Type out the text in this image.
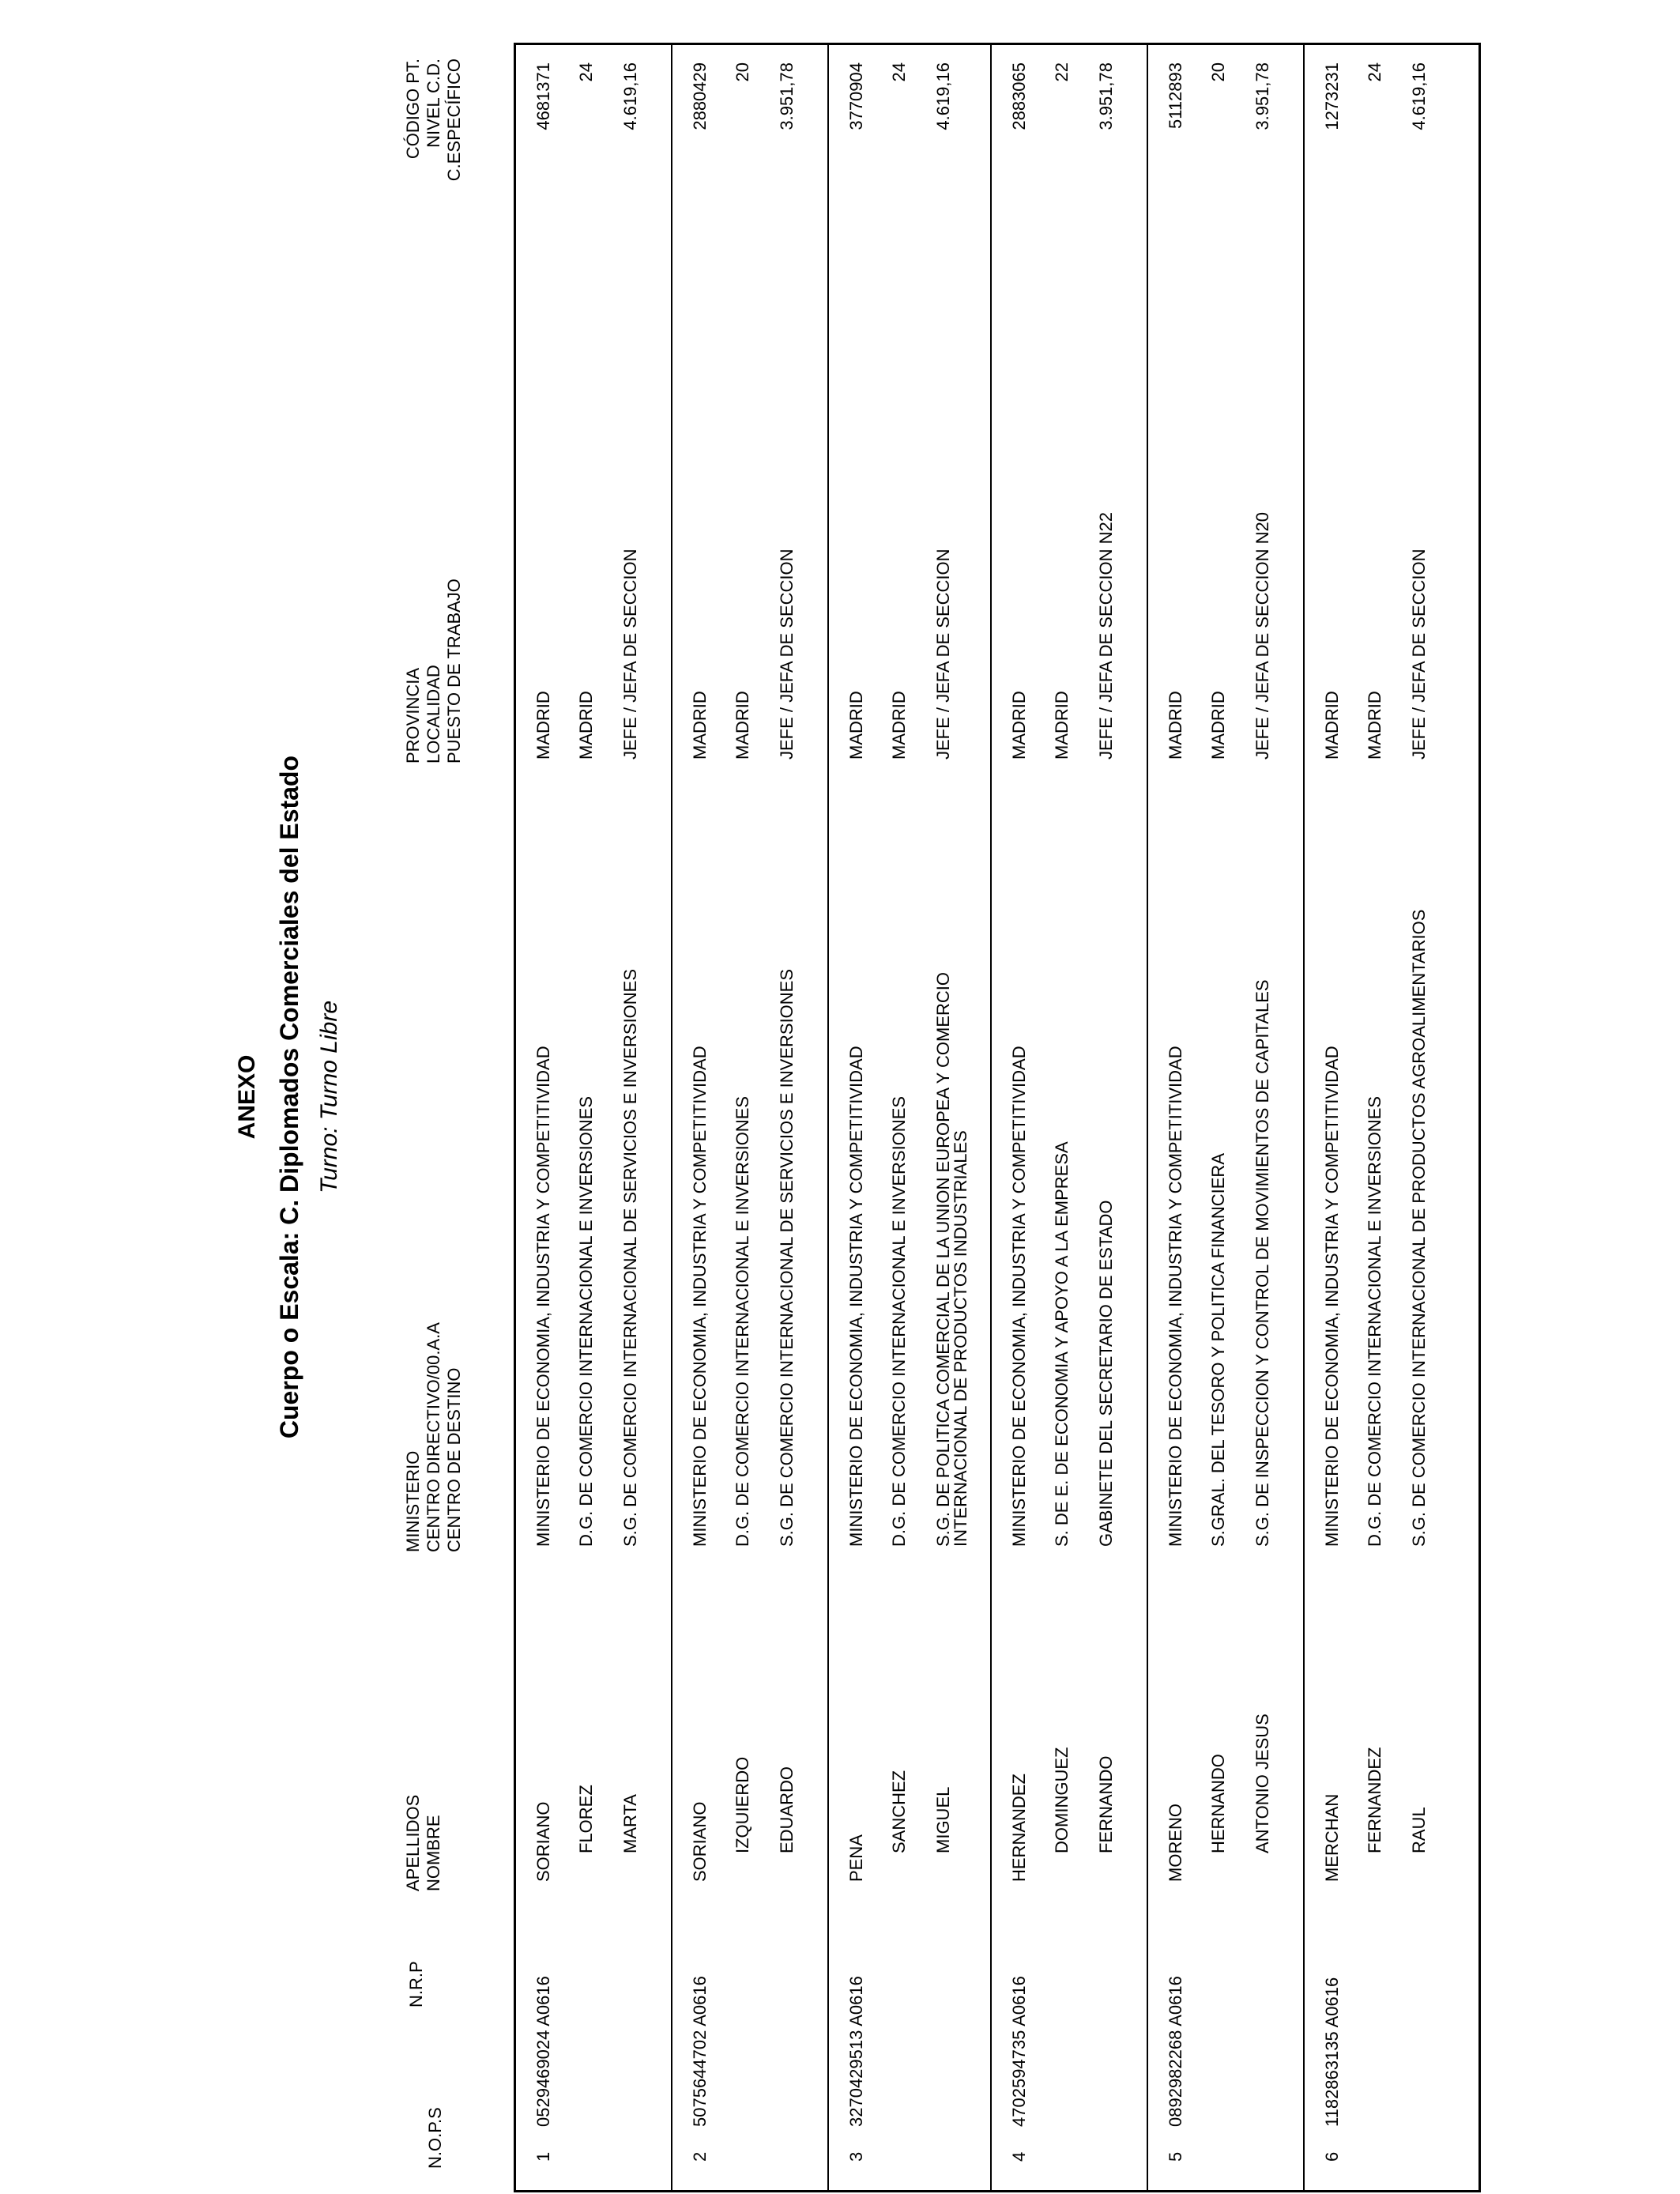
ANEXO Cuerpo o Escala: C. Diplomados Comerciales del Estado Turno: Turno Libre
N.O.P.S
N.R.P
APELLIDOS NOMBRE
MINISTERIO CENTRO DIRECTIVO/00.A.A CENTRO DE DESTINO
PROVINCIA LOCALIDAD PUESTO DE TRABAJO
CÓDIGO PT. NIVEL C.D. C.ESPECÍFICO
1
0529469024 A0616
SORIANO FLOREZ MARTA
MINISTERIO DE ECONOMIA, INDUSTRIA Y COMPETITIVIDAD D.G. DE COMERCIO INTERNACIONAL E INVERSIONES S.G. DE COMERCIO INTERNACIONAL DE SERVICIOS E INVERSIONES
MADRID MADRID JEFE / JEFA DE SECCION
4681371 24 4.619,16
2
5075644702 A0616
SORIANO IZQUIERDO EDUARDO
MINISTERIO DE ECONOMIA, INDUSTRIA Y COMPETITIVIDAD D.G. DE COMERCIO INTERNACIONAL E INVERSIONES S.G. DE COMERCIO INTERNACIONAL DE SERVICIOS E INVERSIONES
MADRID MADRID JEFE / JEFA DE SECCION
2880429 20 3.951,78
3
3270429513 A0616
PENA
SANCHEZ MIGUEL
MINISTERIO DE ECONOMIA, INDUSTRIA Y COMPETITIVIDAD D.G. DE COMERCIO INTERNACIONAL E INVERSIONES S.G. DE POLITICA COMERCIAL DE LA UNION EUROPEA Y COMERCIO
INTERNACIONAL DE PRODUCTOS INDUSTRIALES
MADRID MADRID JEFE / JEFA DE SECCION
3770904 24 4.619,16
4
4702594735 A0616
HERNANDEZ DOMINGUEZ FERNANDO
MINISTERIO DE ECONOMIA, INDUSTRIA Y COMPETITIVIDAD S. DE E. DE ECONOMIA Y APOYO A LA EMPRESA GABINETE DEL SECRETARIO DE ESTADO
MADRID MADRID JEFE / JEFA DE SECCION N22
2883065 22 3.951,78
5
0892982268 A0616
MORENO HERNANDO ANTONIO JESUS
MINISTERIO DE ECONOMIA, INDUSTRIA Y COMPETITIVIDAD S.GRAL. DEL TESORO Y POLITICA FINANCIERA S.G. DE INSPECCION Y CONTROL DE MOVIMIENTOS DE CAPITALES
MADRID MADRID JEFE / JEFA DE SECCION N20
5112893 20 3.951,78
6
1182863135 A0616
MERCHAN FERNANDEZ RAUL
MINISTERIO DE ECONOMIA, INDUSTRIA Y COMPETITIVIDAD D.G. DE COMERCIO INTERNACIONAL E INVERSIONES S.G. DE COMERCIO INTERNACIONAL DE PRODUCTOS AGROALIMENTARIOS
MADRID MADRID JEFE / JEFA DE SECCION
1273231 24 4.619,16
